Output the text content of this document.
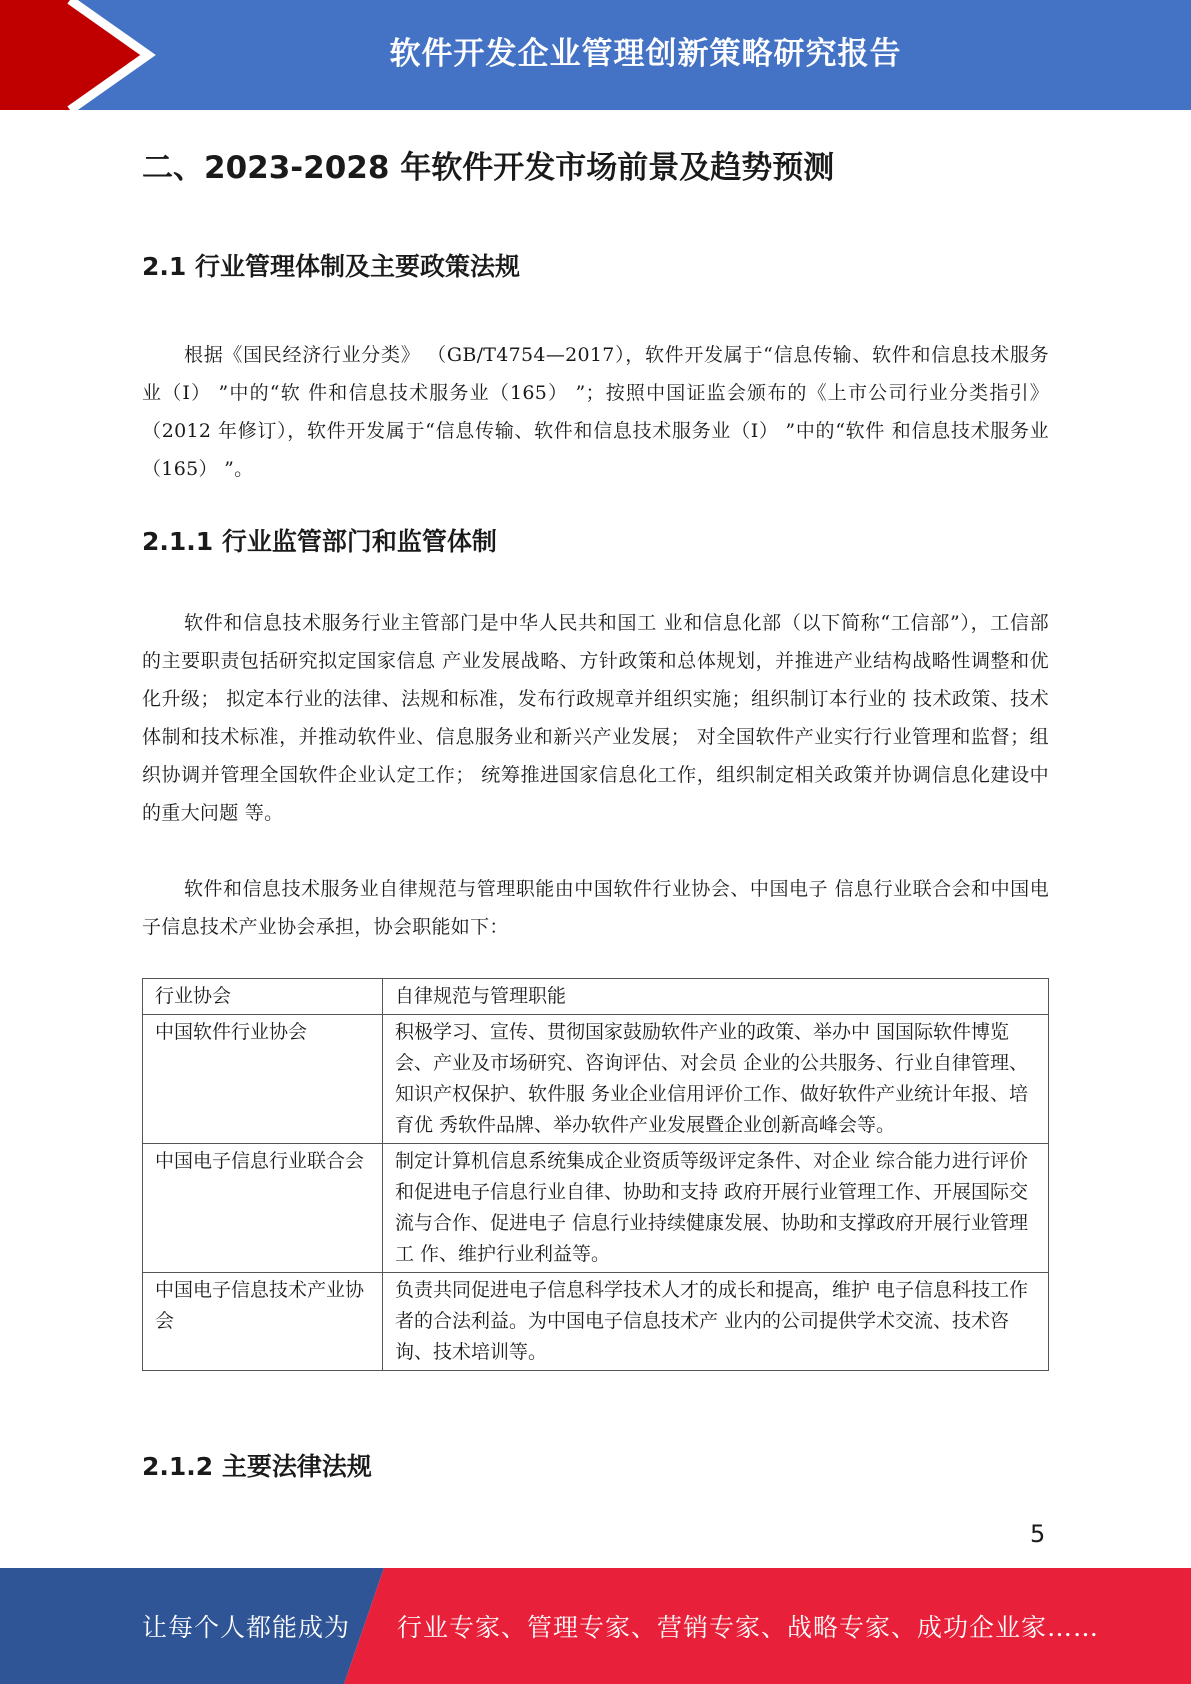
软件开发企业管理创新策略研究报告
二、2023-2028 年软件开发市场前景及趋势预测
2.1 行业管理体制及主要政策法规

根据《国民经济行业分类》 （GB/T4754—2017），软件开发属于“信息传输、软件和信息技术服务业（I） ”中的“软 件和信息技术服务业（165） ”；按照中国证监会颁布的《上市公司行业分类指引》 （2012 年修订），软件开发属于“信息传输、软件和信息技术服务业（I） ”中的“软件 和信息技术服务业（165） ”。

2.1.1 行业监管部门和监管体制

软件和信息技术服务行业主管部门是中华人民共和国工 业和信息化部（以下简称“工信部”），工信部的主要职责包括研究拟定国家信息 产业发展战略、方针政策和总体规划，并推进产业结构战略性调整和优化升级； 拟定本行业的法律、法规和标准，发布行政规章并组织实施；组织制订本行业的 技术政策、技术体制和技术标准，并推动软件业、信息服务业和新兴产业发展； 对全国软件产业实行行业管理和监督；组织协调并管理全国软件企业认定工作； 统筹推进国家信息化工作，组织制定相关政策并协调信息化建设中的重大问题 等。

软件和信息技术服务业自律规范与管理职能由中国软件行业协会、中国电子 信息行业联合会和中国电子信息技术产业协会承担，协会职能如下：

行业协会	自律规范与管理职能
中国软件行业协会	积极学习、宣传、贯彻国家鼓励软件产业的政策、举办中 国国际软件博览会、产业及市场研究、咨询评估、对会员 企业的公共服务、行业自律管理、知识产权保护、软件服 务业企业信用评价工作、做好软件产业统计年报、培育优 秀软件品牌、举办软件产业发展暨企业创新高峰会等。
中国电子信息行业联合会	制定计算机信息系统集成企业资质等级评定条件、对企业 综合能力进行评价和促进电子信息行业自律、协助和支持 政府开展行业管理工作、开展国际交流与合作、促进电子 信息行业持续健康发展、协助和支撑政府开展行业管理工 作、维护行业利益等。
中国电子信息技术产业协会	负责共同促进电子信息科学技术人才的成长和提高，维护 电子信息科技工作者的合法利益。为中国电子信息技术产 业内的公司提供学术交流、技术咨询、技术培训等。
2.1.2 主要法律法规
5
让每个人都能成为 行业专家、管理专家、营销专家、战略专家、成功企业家……
